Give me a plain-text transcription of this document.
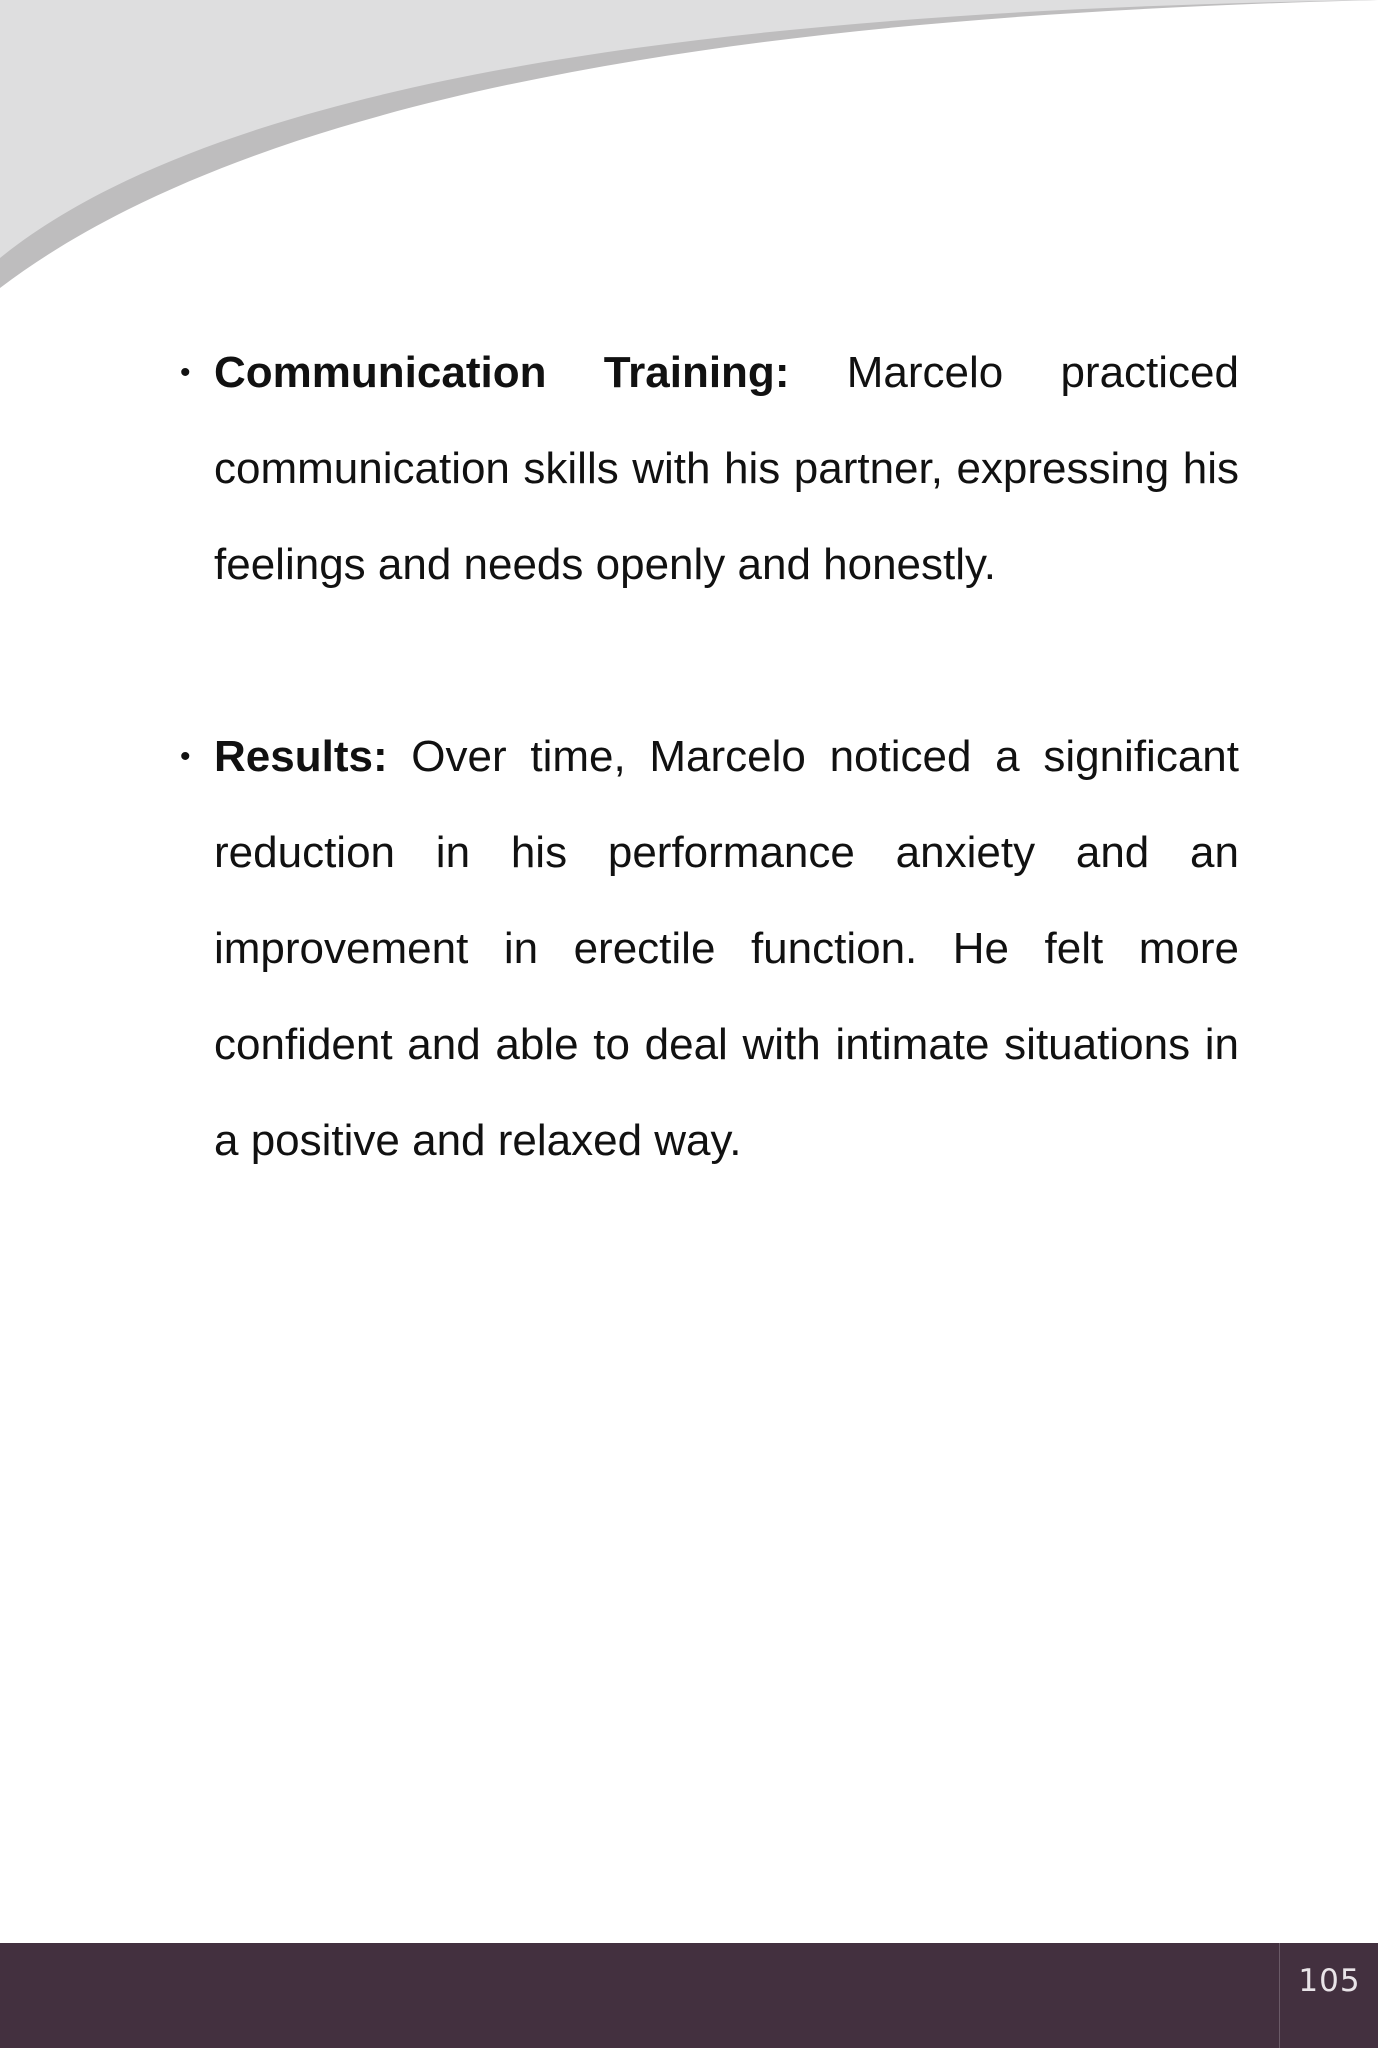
• Communication Training: Marcelo practiced communication skills with his partner, expressing his feelings and needs openly and honestly.

• Results: Over time, Marcelo noticed a significant reduction in his performance anxiety and an improvement in erectile function. He felt more confident and able to deal with intimate situations in a positive and relaxed way.

105
